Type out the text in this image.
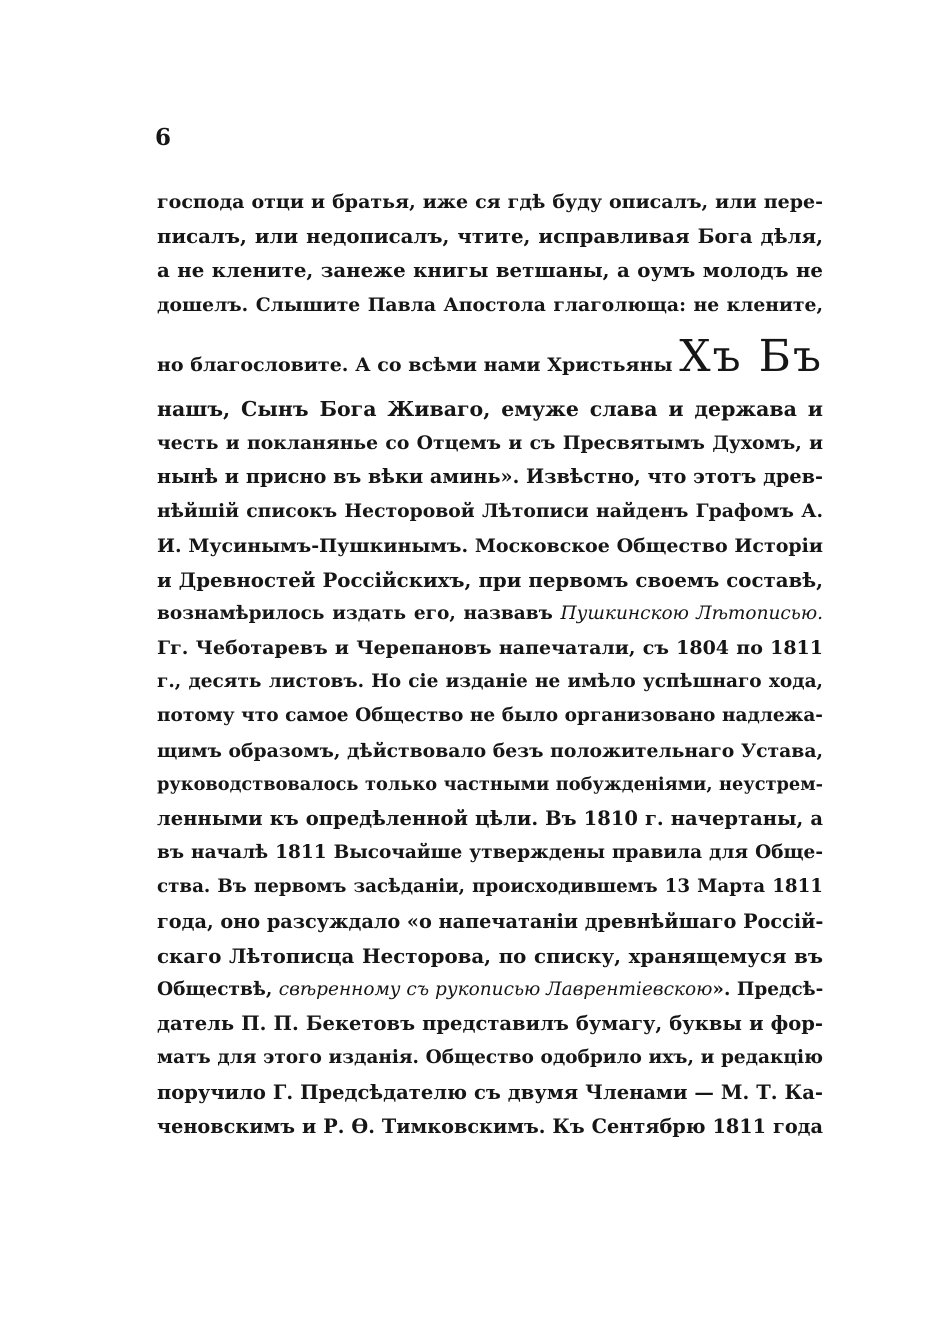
6
господа отци и братья, иже ся гдѣ буду описалъ, или пере-
писалъ, или недописалъ, чтите, исправливая Бога дѣля,
а не клените, занеже книгы ветшаны, а оумъ молодъ не
дошелъ. Слышите Павла Апостола глаголюща: не клените,
но благословите. А со всѣми нами Христьяны Хъ Бъ
нашъ, Сынъ Бога Живаго, емуже слава и держава и
честь и покланянье со Отцемъ и съ Пресвятымъ Духомъ, и
нынѣ и присно въ вѣки аминь». Извѣстно, что этотъ древ-
нѣйшій списокъ Несторовой Лѣтописи найденъ Графомъ А.
И. Мусинымъ-Пушкинымъ. Московское Общество Исторіи
и Древностей Россійскихъ, при первомъ своемъ составѣ,
вознамѣрилось издать его, назвавъ Пушкинскою Лѣтописью.
Гг. Чеботаревъ и Черепановъ напечатали, съ 1804 по 1811
г., десять листовъ. Но сіе изданіе не имѣло успѣшнаго хода,
потому что самое Общество не было организовано надлежа-
щимъ образомъ, дѣйствовало безъ положительнаго Устава,
руководствовалось только частными побужденіями, неустрем-
ленными къ опредѣленной цѣли. Въ 1810 г. начертаны, а
въ началѣ 1811 Высочайше утверждены правила для Обще-
ства. Въ первомъ засѣданіи, происходившемъ 13 Марта 1811
года, оно разсуждало «о напечатаніи древнѣйшаго Россій-
скаго Лѣтописца Несторова, по списку, хранящемуся въ
Обществѣ, свѣренному съ рукописью Лаврентіевскою». Предсѣ-
датель П. П. Бекетовъ представилъ бумагу, буквы и фор-
матъ для этого изданія. Общество одобрило ихъ, и редакцію
поручило Г. Предсѣдателю съ двумя Членами — М. Т. Ка-
ченовскимъ и Р. Ѳ. Тимковскимъ. Къ Сентябрю 1811 года
